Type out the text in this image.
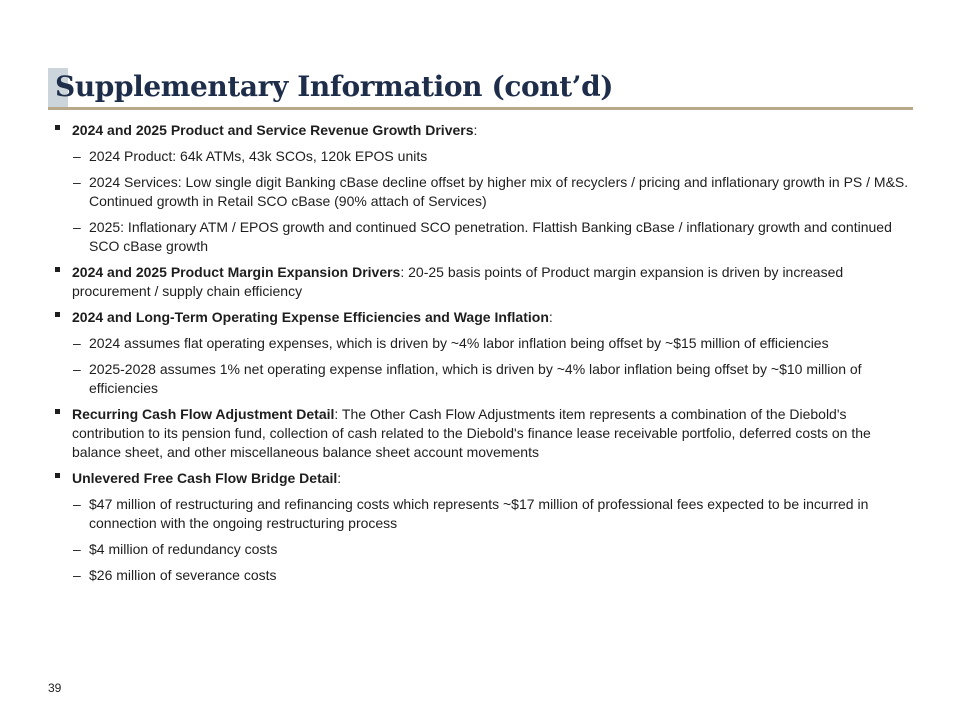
Supplementary Information (cont’d)
2024 and 2025 Product and Service Revenue Growth Drivers:
– 2024 Product: 64k ATMs, 43k SCOs, 120k EPOS units
– 2024 Services: Low single digit Banking cBase decline offset by higher mix of recyclers / pricing and inflationary growth in PS / M&S. Continued growth in Retail SCO cBase (90% attach of Services)
– 2025: Inflationary ATM / EPOS growth and continued SCO penetration. Flattish Banking cBase / inflationary growth and continued SCO cBase growth
2024 and 2025 Product Margin Expansion Drivers: 20-25 basis points of Product margin expansion is driven by increased procurement / supply chain efficiency
2024 and Long-Term Operating Expense Efficiencies and Wage Inflation:
– 2024 assumes flat operating expenses, which is driven by ~4% labor inflation being offset by ~$15 million of efficiencies
– 2025-2028 assumes 1% net operating expense inflation, which is driven by ~4% labor inflation being offset by ~$10 million of efficiencies
Recurring Cash Flow Adjustment Detail: The Other Cash Flow Adjustments item represents a combination of the Diebold's contribution to its pension fund, collection of cash related to the Diebold's finance lease receivable portfolio, deferred costs on the balance sheet, and other miscellaneous balance sheet account movements
Unlevered Free Cash Flow Bridge Detail:
– $47 million of restructuring and refinancing costs which represents ~$17 million of professional fees expected to be incurred in connection with the ongoing restructuring process
– $4 million of redundancy costs
– $26 million of severance costs
39
